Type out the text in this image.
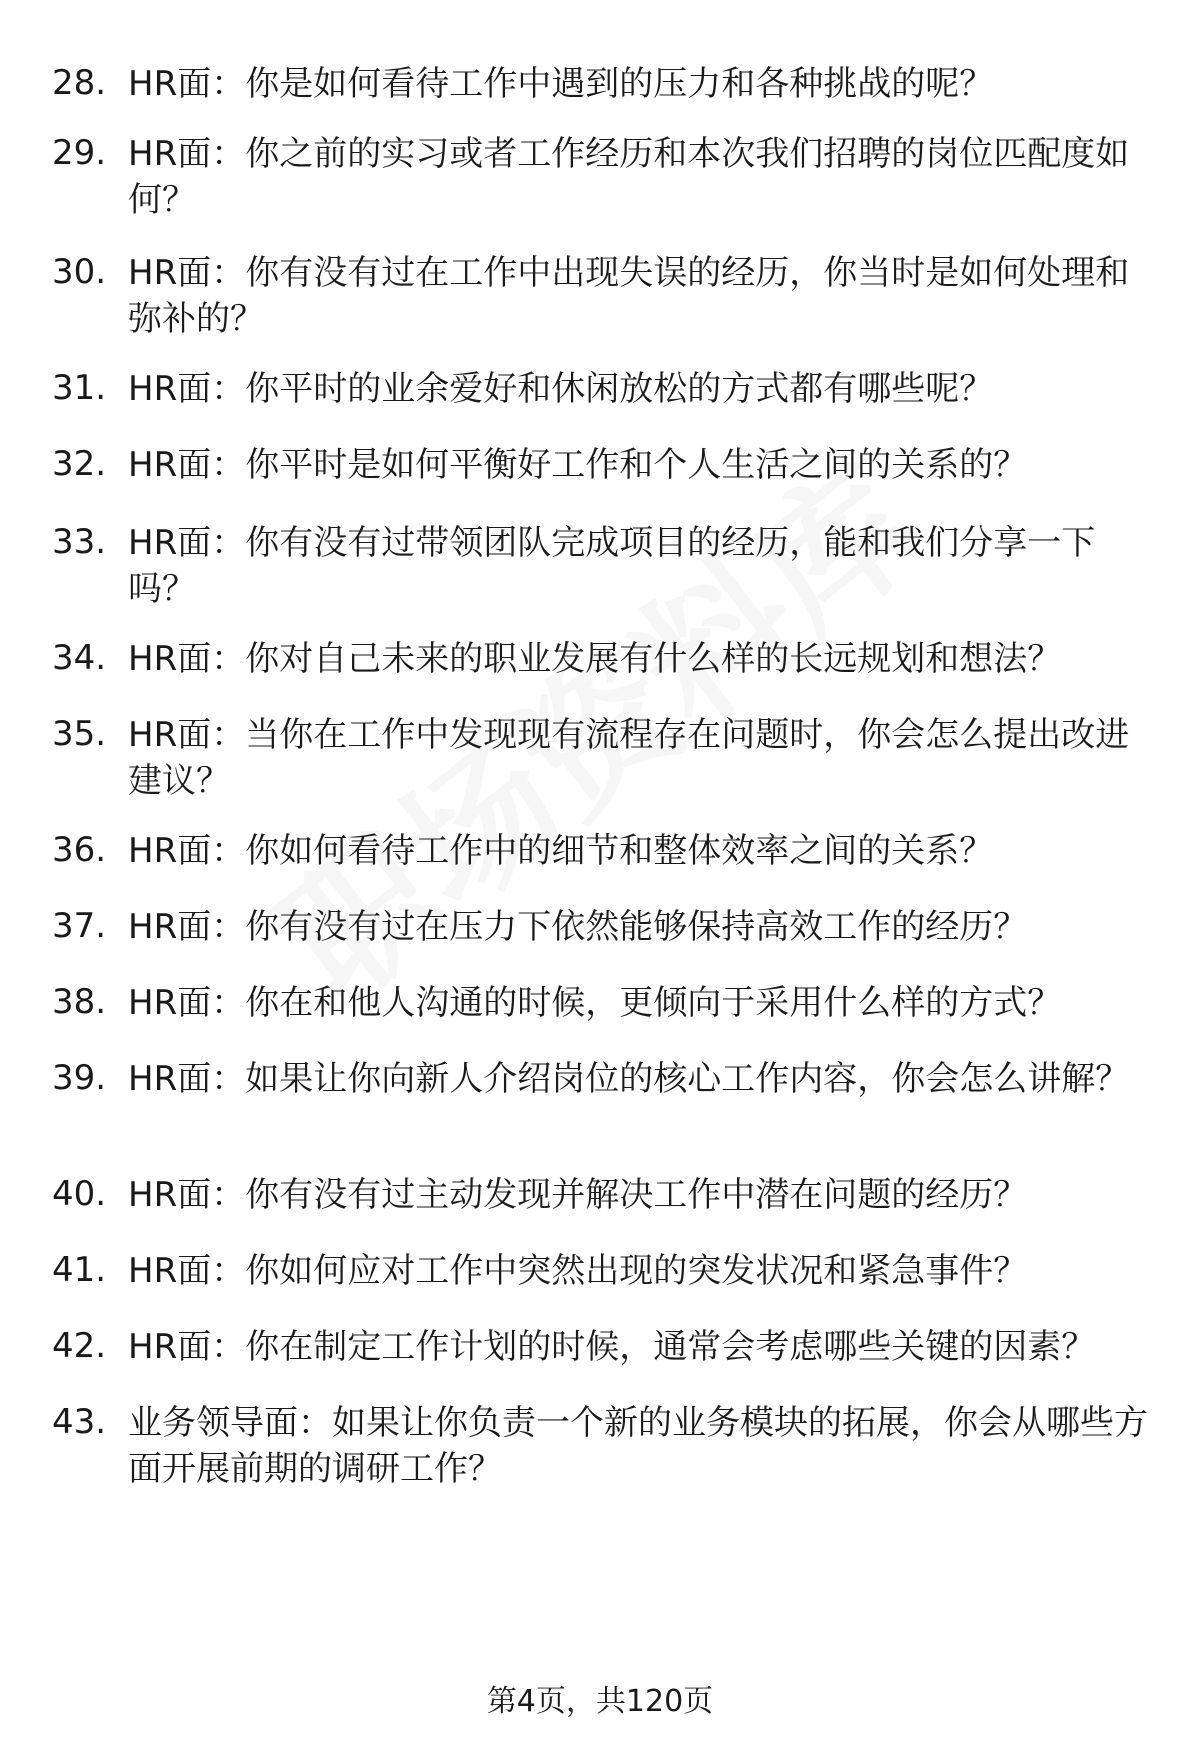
28. HR面：你是如何看待工作中遇到的压力和各种挑战的呢？
29. HR面：你之前的实习或者工作经历和本次我们招聘的岗位匹配度如何？
30. HR面：你有没有过在工作中出现失误的经历，你当时是如何处理和弥补的？
31. HR面：你平时的业余爱好和休闲放松的方式都有哪些呢？
32. HR面：你平时是如何平衡好工作和个人生活之间的关系的？
33. HR面：你有没有过带领团队完成项目的经历，能和我们分享一下吗？
34. HR面：你对自己未来的职业发展有什么样的长远规划和想法？
35. HR面：当你在工作中发现现有流程存在问题时，你会怎么提出改进建议？
36. HR面：你如何看待工作中的细节和整体效率之间的关系？
37. HR面：你有没有过在压力下依然能够保持高效工作的经历？
38. HR面：你在和他人沟通的时候，更倾向于采用什么样的方式？
39. HR面：如果让你向新人介绍岗位的核心工作内容，你会怎么讲解？
40. HR面：你有没有过主动发现并解决工作中潜在问题的经历？
41. HR面：你如何应对工作中突然出现的突发状况和紧急事件？
42. HR面：你在制定工作计划的时候，通常会考虑哪些关键的因素？
43. 业务领导面：如果让你负责一个新的业务模块的拓展，你会从哪些方面开展前期的调研工作？
第4页，共120页
